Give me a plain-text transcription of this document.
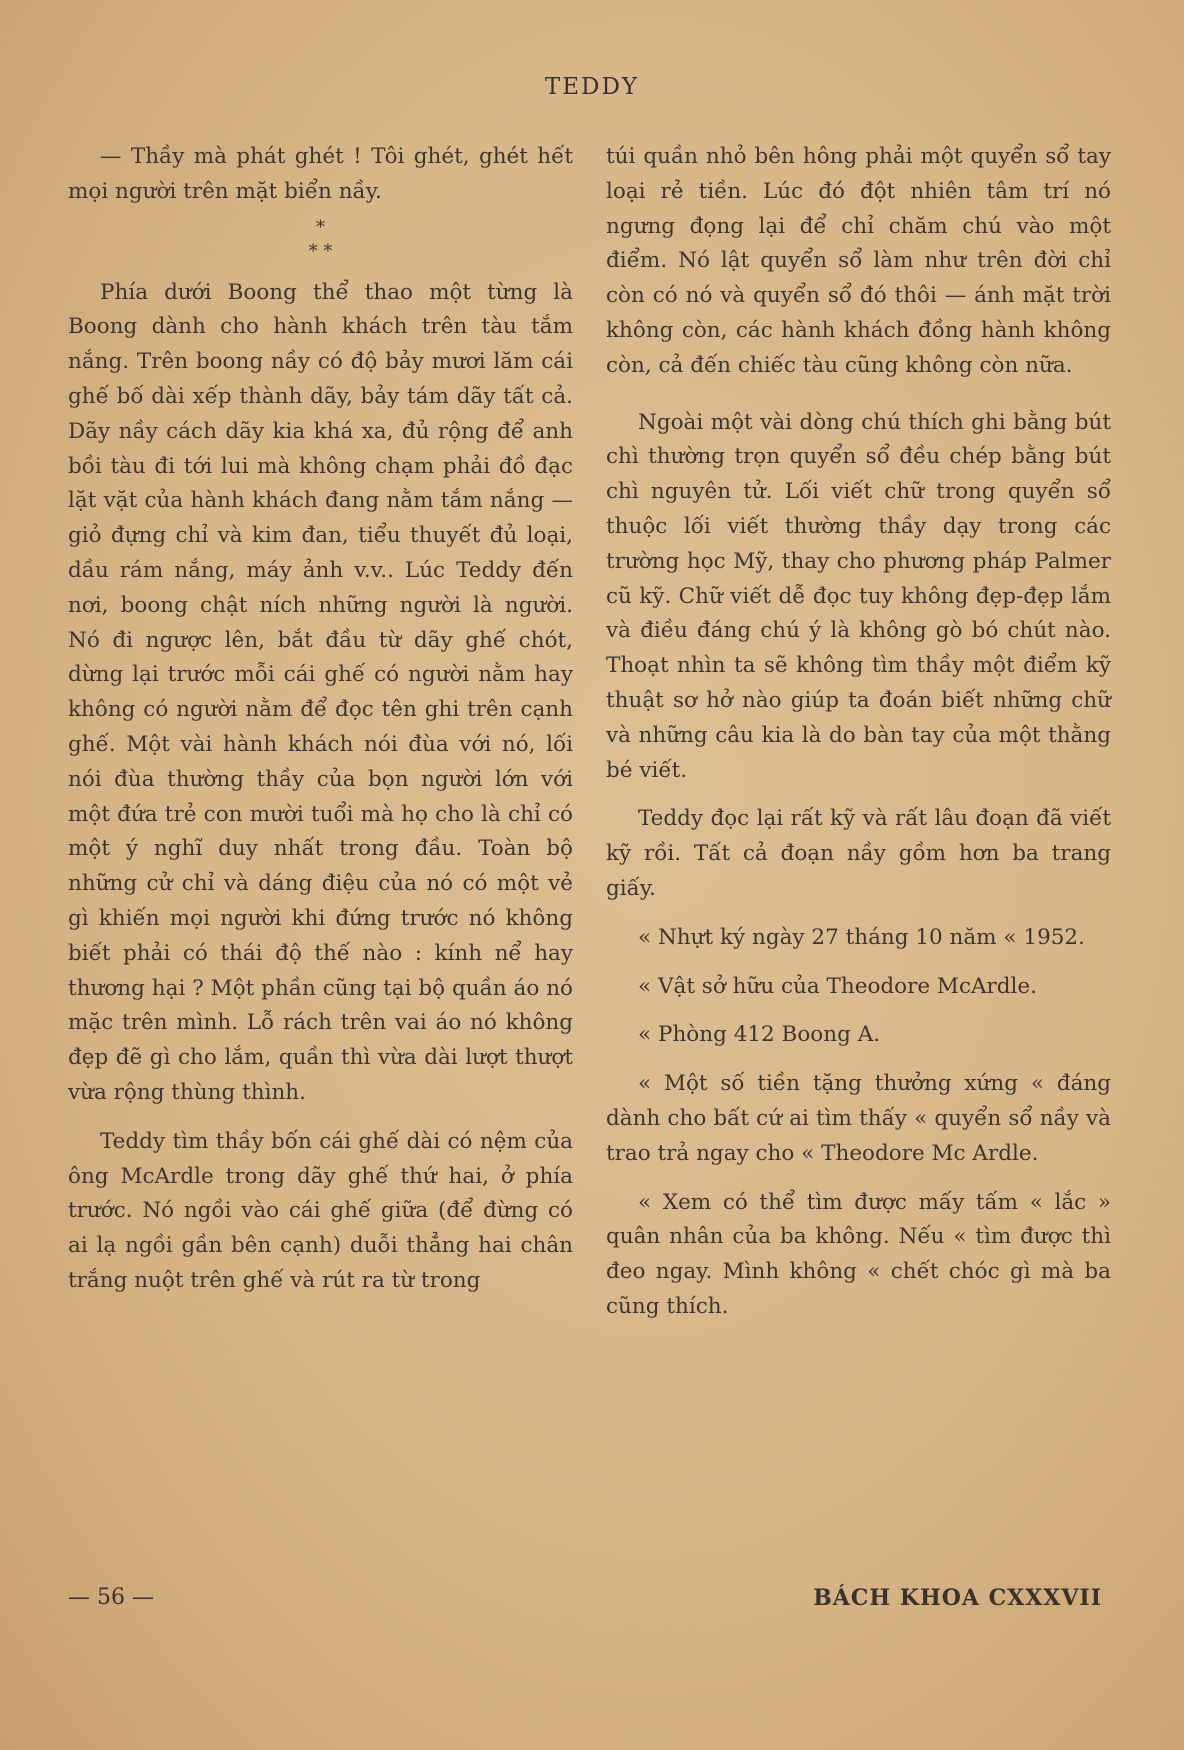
TEDDY

— Thầy mà phát ghét ! Tôi ghét, ghét hết mọi người trên mặt biển nầy.

*
* *

Phía dưới Boong thể thao một từng là Boong dành cho hành khách trên tàu tắm nắng. Trên boong nầy có độ bảy mươi lăm cái ghế bố dài xếp thành dãy, bảy tám dãy tất cả. Dãy nầy cách dãy kia khá xa, đủ rộng để anh bồi tàu đi tới lui mà không chạm phải đồ đạc lặt vặt của hành khách đang nằm tắm nắng — giỏ đựng chỉ và kim đan, tiểu thuyết đủ loại, dầu rám nắng, máy ảnh v.v.. Lúc Teddy đến nơi, boong chật ních những người là người. Nó đi ngược lên, bắt đầu từ dãy ghế chót, dừng lại trước mỗi cái ghế có người nằm hay không có người nằm để đọc tên ghi trên cạnh ghế. Một vài hành khách nói đùa với nó, lối nói đùa thường thầy của bọn người lớn với một đứa trẻ con mười tuổi mà họ cho là chỉ có một ý nghĩ duy nhất trong đầu. Toàn bộ những cử chỉ và dáng điệu của nó có một vẻ gì khiến mọi người khi đứng trước nó không biết phải có thái độ thế nào : kính nể hay thương hại ? Một phần cũng tại bộ quần áo nó mặc trên mình. Lỗ rách trên vai áo nó không đẹp đẽ gì cho lắm, quần thì vừa dài lượt thượt vừa rộng thùng thình.

Teddy tìm thầy bốn cái ghế dài có nệm của ông McArdle trong dãy ghế thứ hai, ở phía trước. Nó ngồi vào cái ghế giữa (để đừng có ai lạ ngồi gần bên cạnh) duỗi thẳng hai chân trắng nuột trên ghế và rút ra từ trong

túi quần nhỏ bên hông phải một quyển sổ tay loại rẻ tiền. Lúc đó đột nhiên tâm trí nó ngưng đọng lại để chỉ chăm chú vào một điểm. Nó lật quyển sổ làm như trên đời chỉ còn có nó và quyển sổ đó thôi — ánh mặt trời không còn, các hành khách đồng hành không còn, cả đến chiếc tàu cũng không còn nữa.

Ngoài một vài dòng chú thích ghi bằng bút chì thường trọn quyển sổ đều chép bằng bút chì nguyên tử. Lối viết chữ trong quyển sổ thuộc lối viết thường thầy dạy trong các trường học Mỹ, thay cho phương pháp Palmer cũ kỹ. Chữ viết dễ đọc tuy không đẹp-đẹp lắm và điều đáng chú ý là không gò bó chút nào. Thoạt nhìn ta sẽ không tìm thầy một điểm kỹ thuật sơ hở nào giúp ta đoán biết những chữ và những câu kia là do bàn tay của một thằng bé viết.

Teddy đọc lại rất kỹ và rất lâu đoạn đã viết kỹ rồi. Tất cả đoạn nầy gồm hơn ba trang giấy.

« Nhựt ký ngày 27 tháng 10 năm « 1952.

« Vật sở hữu của Theodore McArdle.

« Phòng 412 Boong A.

« Một số tiền tặng thưởng xứng « đáng dành cho bất cứ ai tìm thấy « quyển sổ nầy và trao trả ngay cho « Theodore Mc Ardle.

« Xem có thể tìm được mấy tấm « lắc » quân nhân của ba không. Nếu « tìm được thì đeo ngay. Mình không « chết chóc gì mà ba cũng thích.

— 56 —	BÁCH KHOA CXXXVII
